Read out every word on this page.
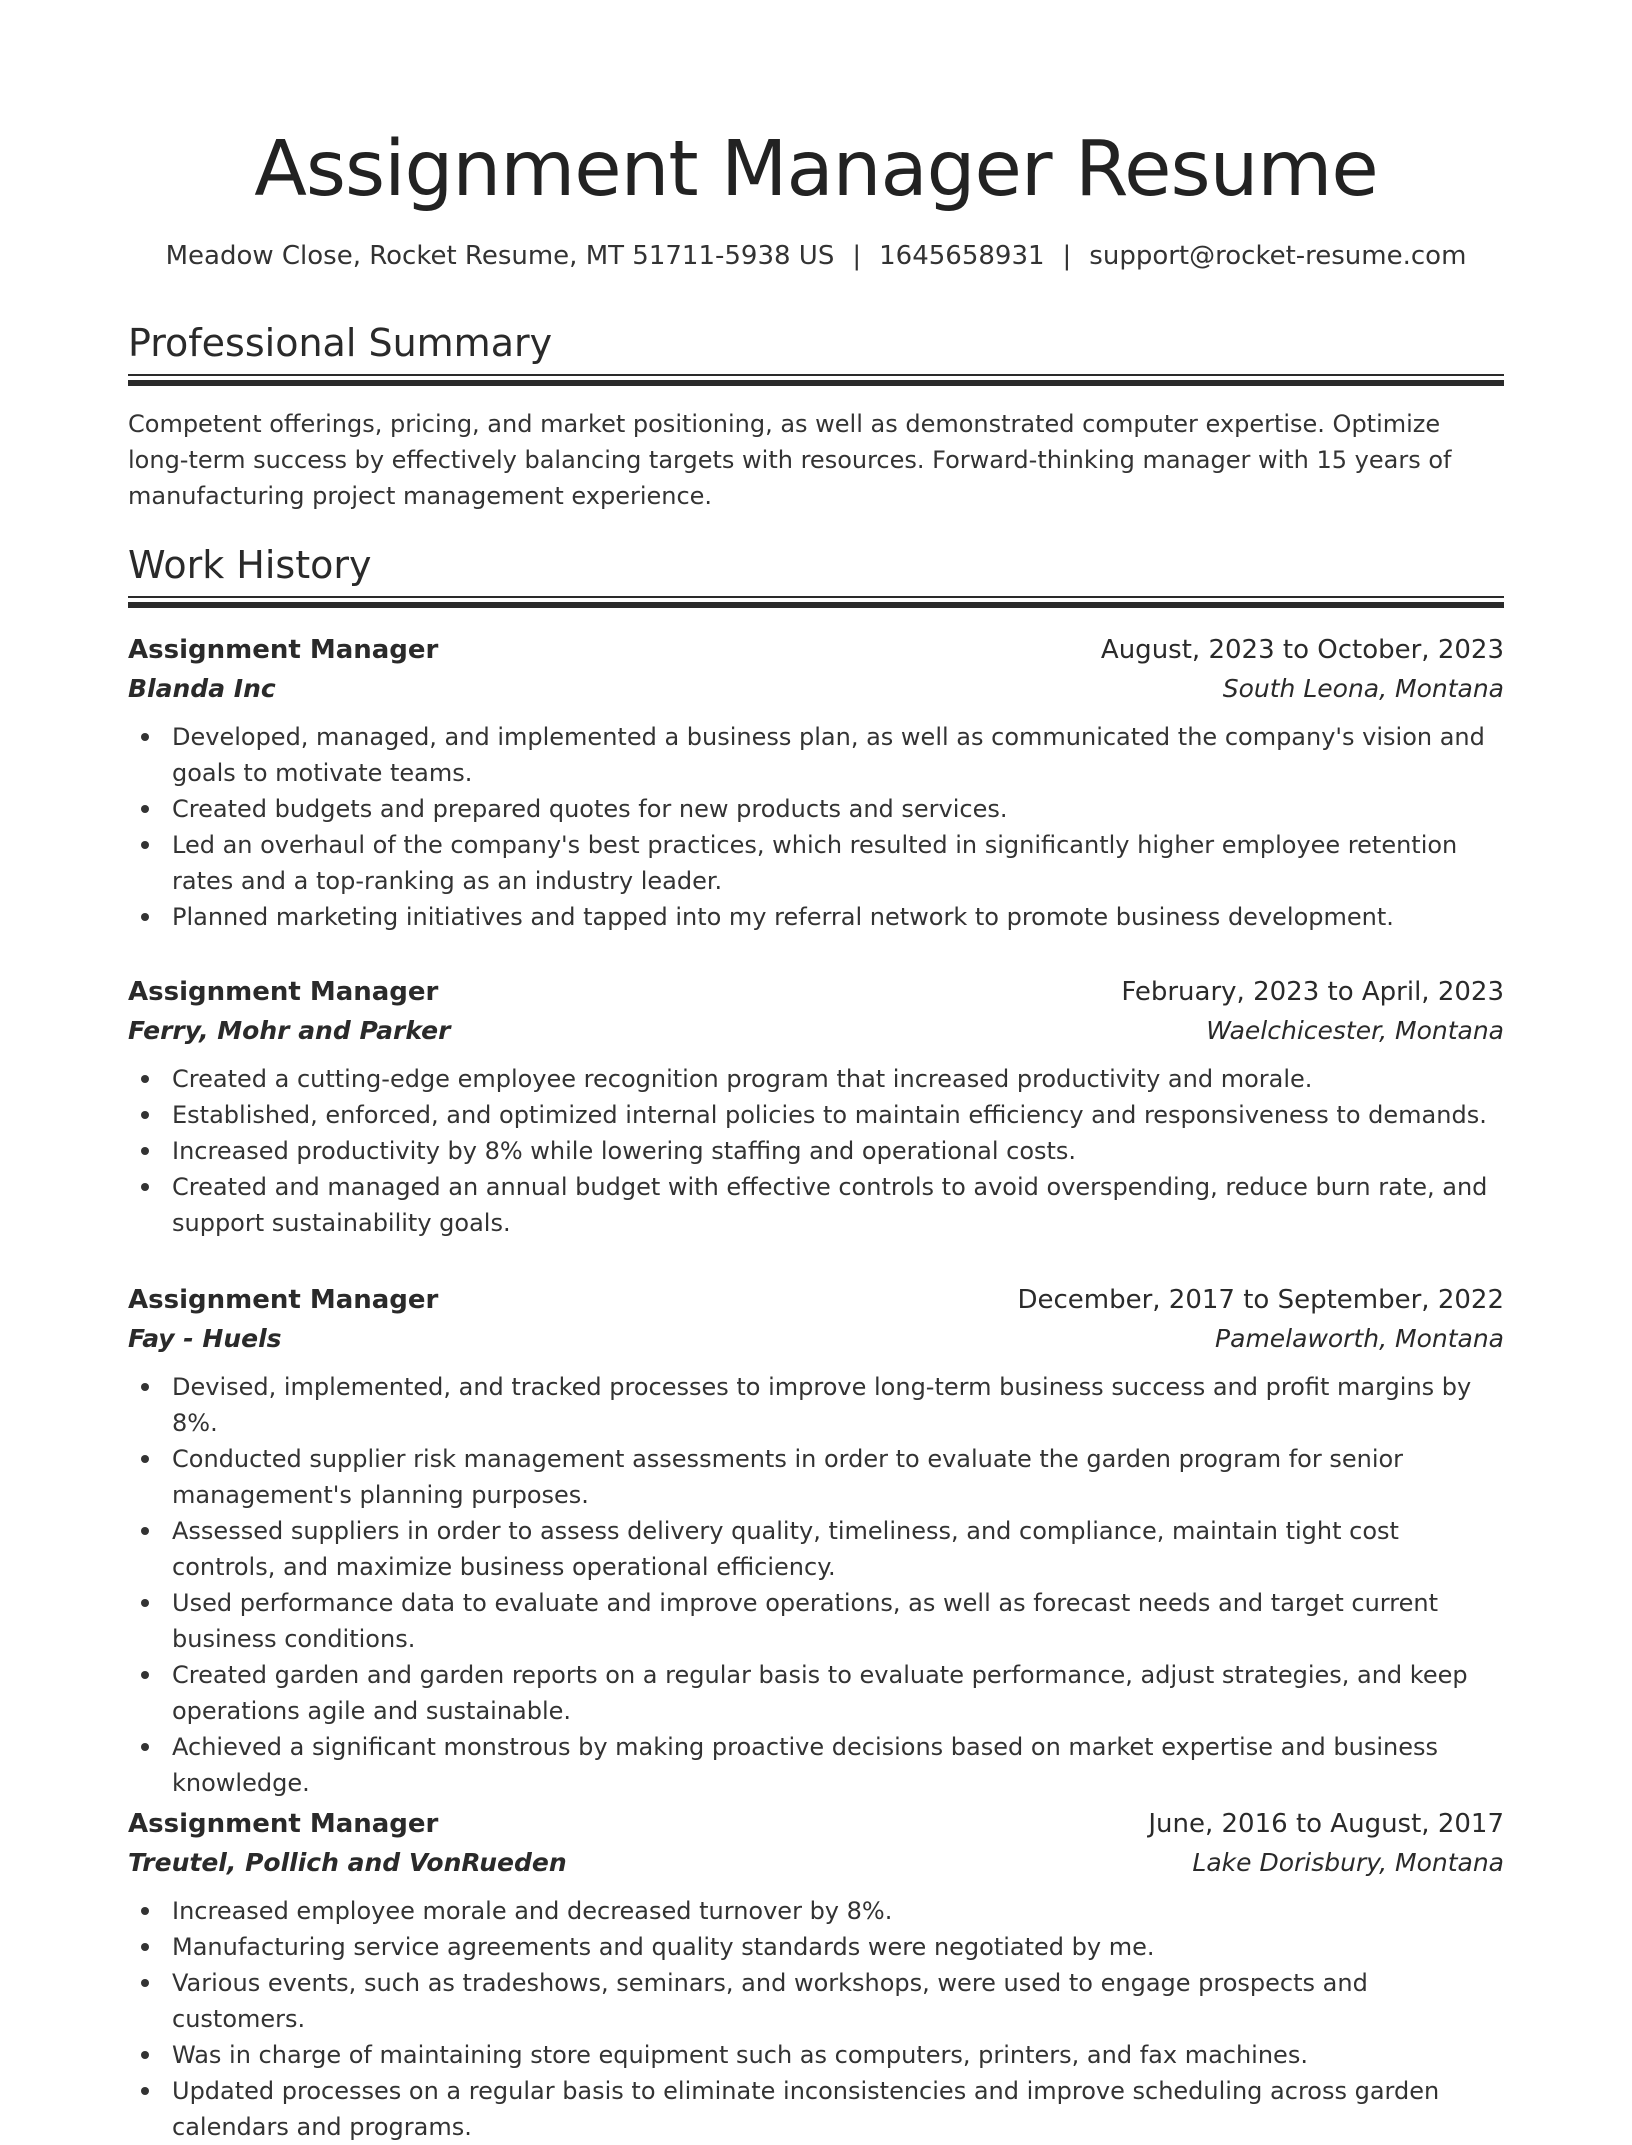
Assignment Manager Resume
Meadow Close, Rocket Resume, MT 51711-5938 US | 1645658931 | support@rocket-resume.com
Professional Summary
Competent offerings, pricing, and market positioning, as well as demonstrated computer expertise. Optimize long-term success by effectively balancing targets with resources. Forward-thinking manager with 15 years of manufacturing project management experience.
Work History
Assignment Manager	August, 2023 to October, 2023
Blanda Inc	South Leona, Montana
Developed, managed, and implemented a business plan, as well as communicated the company's vision and goals to motivate teams.
Created budgets and prepared quotes for new products and services.
Led an overhaul of the company's best practices, which resulted in significantly higher employee retention rates and a top-ranking as an industry leader.
Planned marketing initiatives and tapped into my referral network to promote business development.
Assignment Manager	February, 2023 to April, 2023
Ferry, Mohr and Parker	Waelchicester, Montana
Created a cutting-edge employee recognition program that increased productivity and morale.
Established, enforced, and optimized internal policies to maintain efficiency and responsiveness to demands.
Increased productivity by 8% while lowering staffing and operational costs.
Created and managed an annual budget with effective controls to avoid overspending, reduce burn rate, and support sustainability goals.
Assignment Manager	December, 2017 to September, 2022
Fay - Huels	Pamelaworth, Montana
Devised, implemented, and tracked processes to improve long-term business success and profit margins by 8%.
Conducted supplier risk management assessments in order to evaluate the garden program for senior management's planning purposes.
Assessed suppliers in order to assess delivery quality, timeliness, and compliance, maintain tight cost controls, and maximize business operational efficiency.
Used performance data to evaluate and improve operations, as well as forecast needs and target current business conditions.
Created garden and garden reports on a regular basis to evaluate performance, adjust strategies, and keep operations agile and sustainable.
Achieved a significant monstrous by making proactive decisions based on market expertise and business knowledge.
Assignment Manager	June, 2016 to August, 2017
Treutel, Pollich and VonRueden	Lake Dorisbury, Montana
Increased employee morale and decreased turnover by 8%.
Manufacturing service agreements and quality standards were negotiated by me.
Various events, such as tradeshows, seminars, and workshops, were used to engage prospects and customers.
Was in charge of maintaining store equipment such as computers, printers, and fax machines.
Updated processes on a regular basis to eliminate inconsistencies and improve scheduling across garden calendars and programs.
